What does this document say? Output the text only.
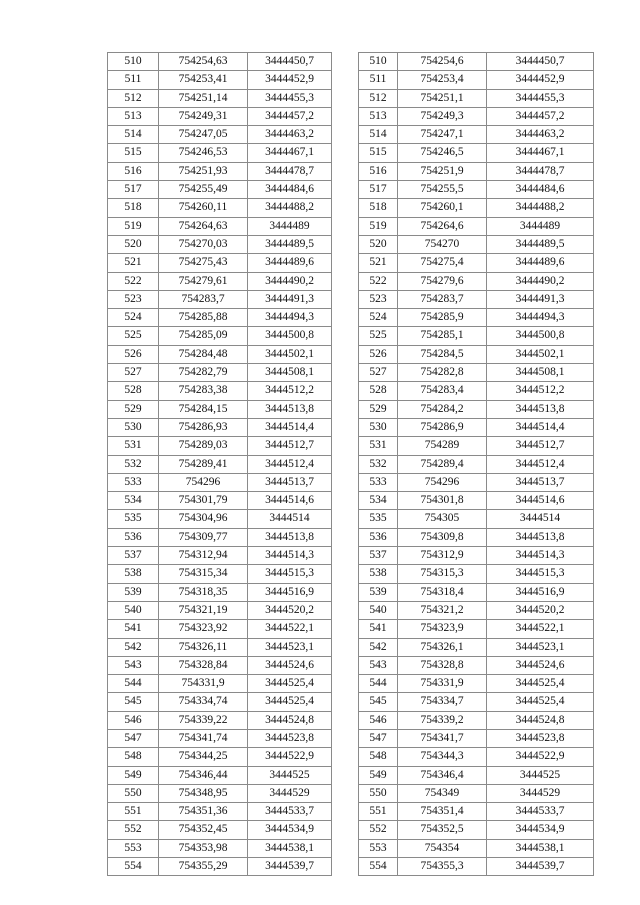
510	754254,63	3444450,7
511	754253,41	3444452,9
512	754251,14	3444455,3
513	754249,31	3444457,2
514	754247,05	3444463,2
515	754246,53	3444467,1
516	754251,93	3444478,7
517	754255,49	3444484,6
518	754260,11	3444488,2
519	754264,63	3444489
520	754270,03	3444489,5
521	754275,43	3444489,6
522	754279,61	3444490,2
523	754283,7	3444491,3
524	754285,88	3444494,3
525	754285,09	3444500,8
526	754284,48	3444502,1
527	754282,79	3444508,1
528	754283,38	3444512,2
529	754284,15	3444513,8
530	754286,93	3444514,4
531	754289,03	3444512,7
532	754289,41	3444512,4
533	754296	3444513,7
534	754301,79	3444514,6
535	754304,96	3444514
536	754309,77	3444513,8
537	754312,94	3444514,3
538	754315,34	3444515,3
539	754318,35	3444516,9
540	754321,19	3444520,2
541	754323,92	3444522,1
542	754326,11	3444523,1
543	754328,84	3444524,6
544	754331,9	3444525,4
545	754334,74	3444525,4
546	754339,22	3444524,8
547	754341,74	3444523,8
548	754344,25	3444522,9
549	754346,44	3444525
550	754348,95	3444529
551	754351,36	3444533,7
552	754352,45	3444534,9
553	754353,98	3444538,1
554	754355,29	3444539,7
510	754254,6	3444450,7
511	754253,4	3444452,9
512	754251,1	3444455,3
513	754249,3	3444457,2
514	754247,1	3444463,2
515	754246,5	3444467,1
516	754251,9	3444478,7
517	754255,5	3444484,6
518	754260,1	3444488,2
519	754264,6	3444489
520	754270	3444489,5
521	754275,4	3444489,6
522	754279,6	3444490,2
523	754283,7	3444491,3
524	754285,9	3444494,3
525	754285,1	3444500,8
526	754284,5	3444502,1
527	754282,8	3444508,1
528	754283,4	3444512,2
529	754284,2	3444513,8
530	754286,9	3444514,4
531	754289	3444512,7
532	754289,4	3444512,4
533	754296	3444513,7
534	754301,8	3444514,6
535	754305	3444514
536	754309,8	3444513,8
537	754312,9	3444514,3
538	754315,3	3444515,3
539	754318,4	3444516,9
540	754321,2	3444520,2
541	754323,9	3444522,1
542	754326,1	3444523,1
543	754328,8	3444524,6
544	754331,9	3444525,4
545	754334,7	3444525,4
546	754339,2	3444524,8
547	754341,7	3444523,8
548	754344,3	3444522,9
549	754346,4	3444525
550	754349	3444529
551	754351,4	3444533,7
552	754352,5	3444534,9
553	754354	3444538,1
554	754355,3	3444539,7
